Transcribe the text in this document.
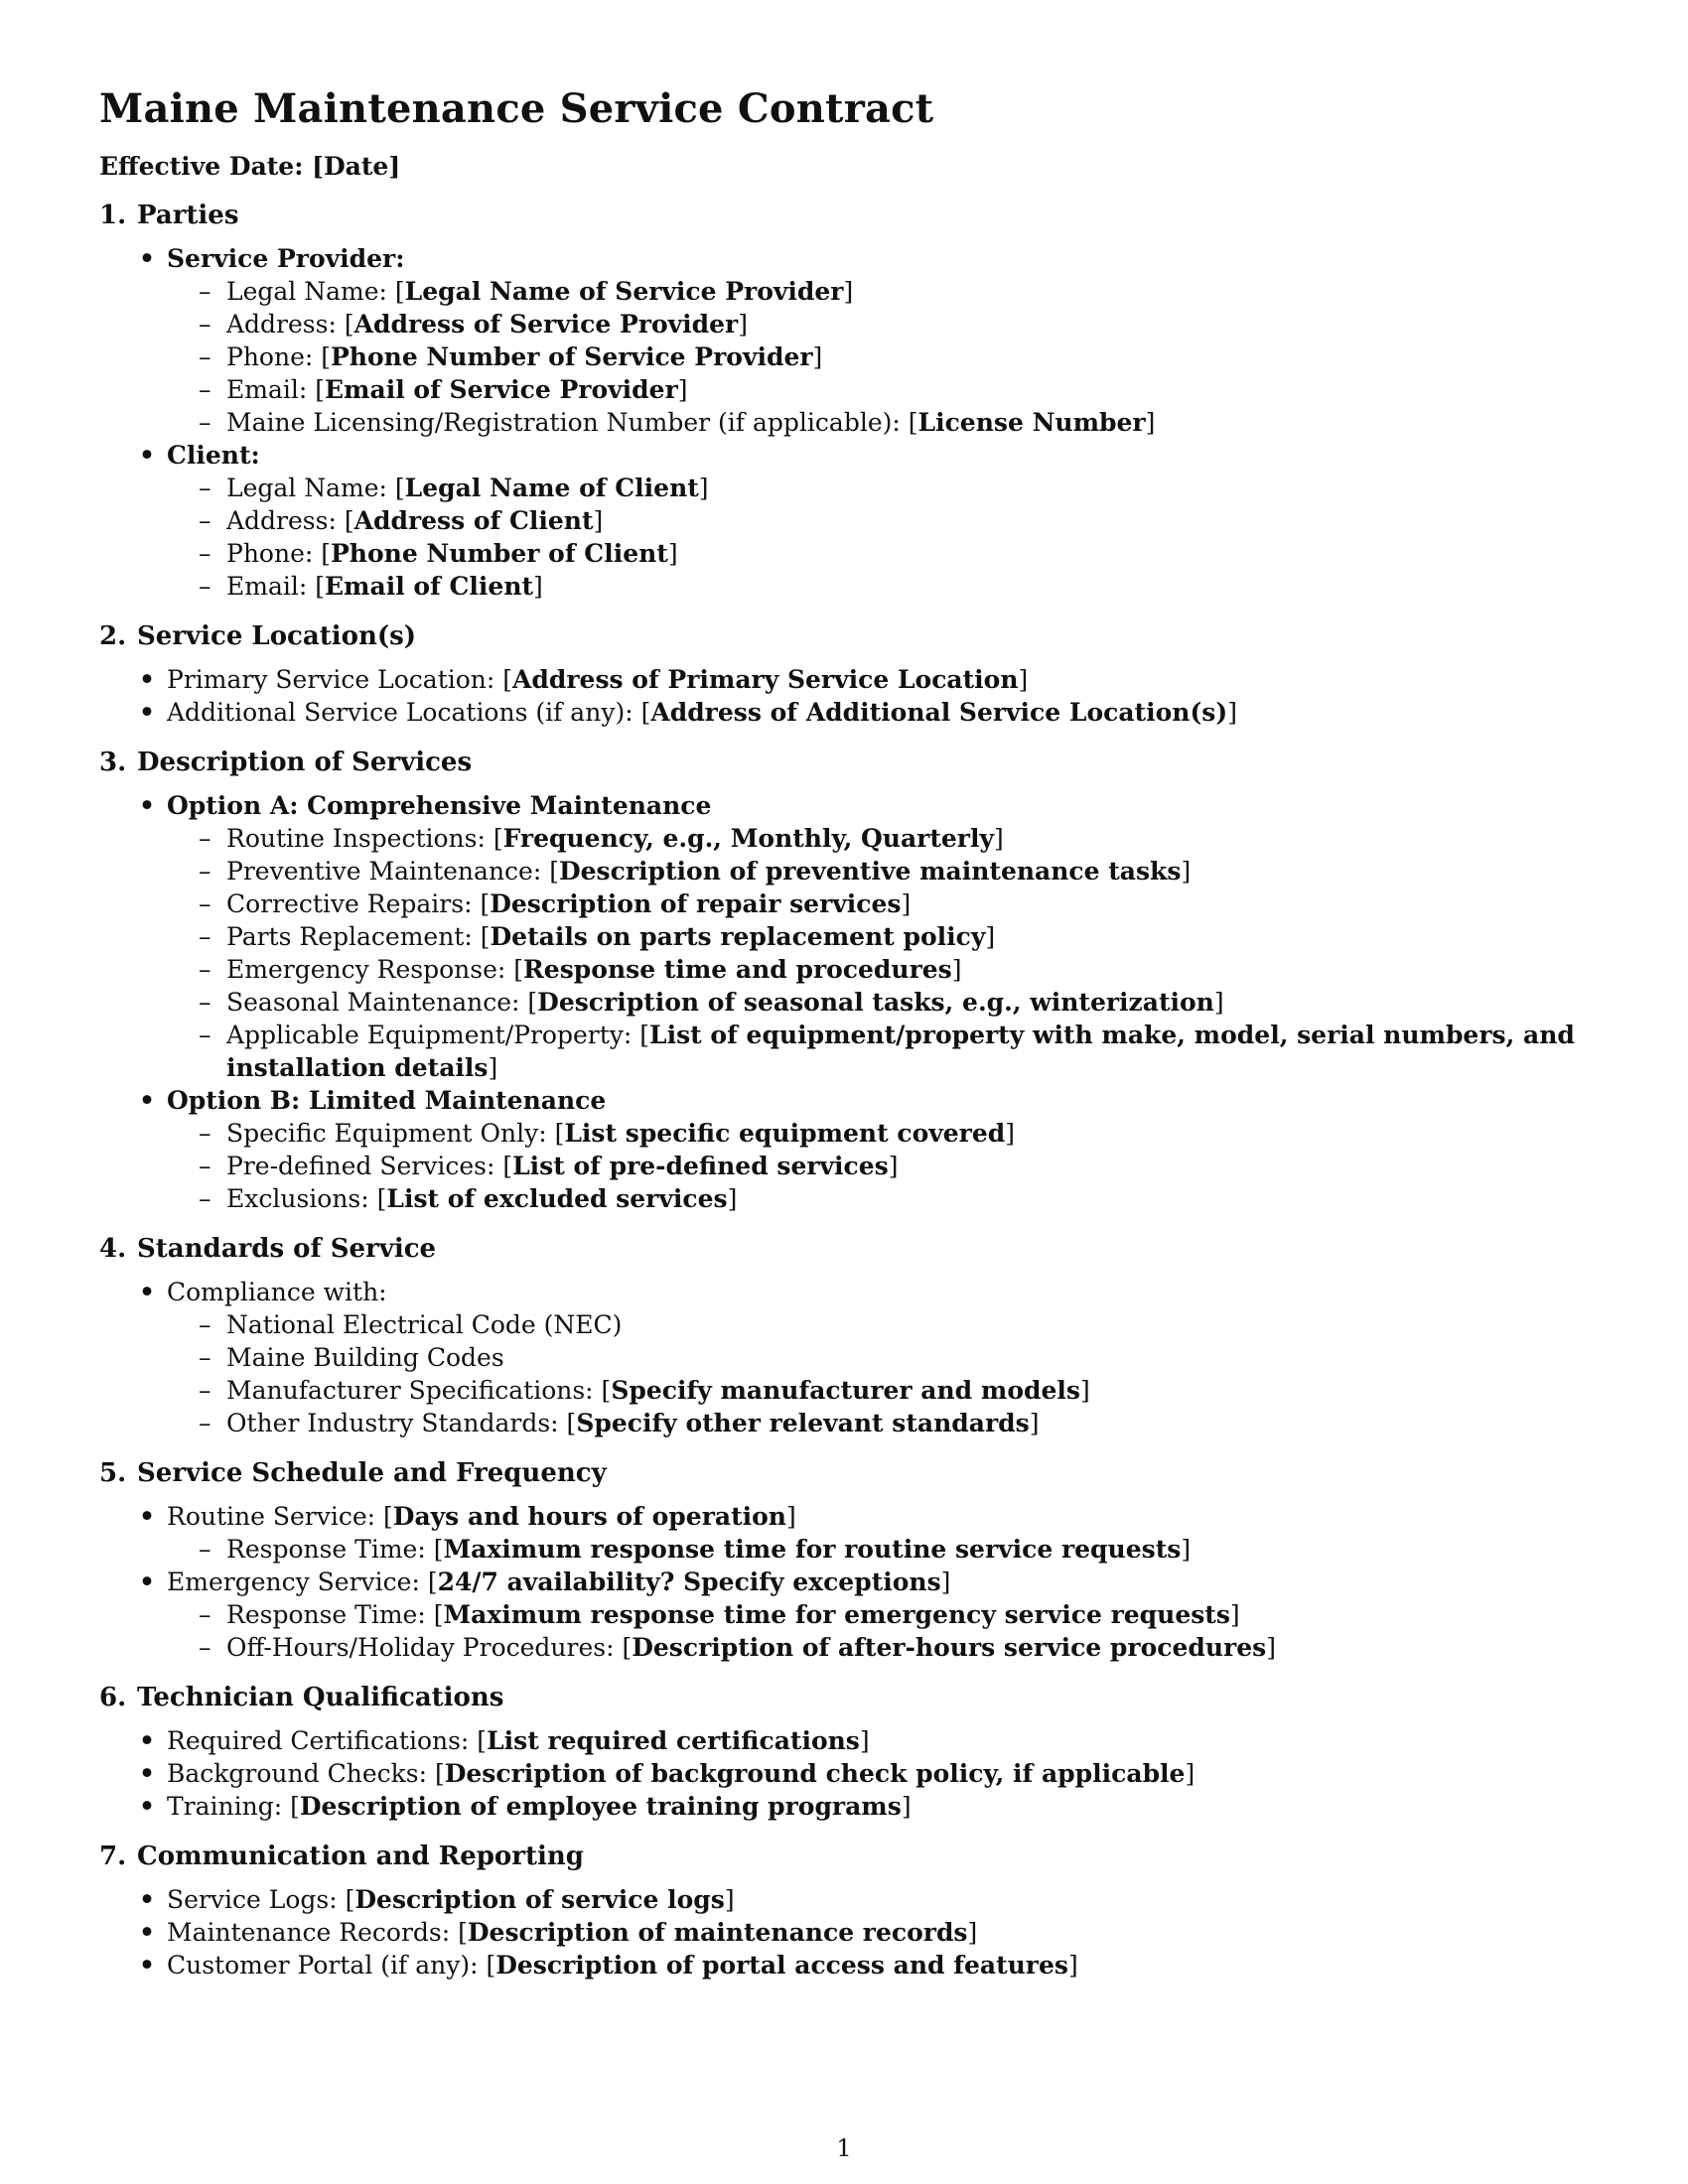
Maine Maintenance Service Contract
Effective Date: [Date]
1. Parties
• Service Provider:
– Legal Name: [Legal Name of Service Provider]
– Address: [Address of Service Provider]
– Phone: [Phone Number of Service Provider]
– Email: [Email of Service Provider]
– Maine Licensing/Registration Number (if applicable): [License Number]
• Client:
– Legal Name: [Legal Name of Client]
– Address: [Address of Client]
– Phone: [Phone Number of Client]
– Email: [Email of Client]
2. Service Location(s)
• Primary Service Location: [Address of Primary Service Location]
• Additional Service Locations (if any): [Address of Additional Service Location(s)]
3. Description of Services
• Option A: Comprehensive Maintenance
– Routine Inspections: [Frequency, e.g., Monthly, Quarterly]
– Preventive Maintenance: [Description of preventive maintenance tasks]
– Corrective Repairs: [Description of repair services]
– Parts Replacement: [Details on parts replacement policy]
– Emergency Response: [Response time and procedures]
– Seasonal Maintenance: [Description of seasonal tasks, e.g., winterization]
– Applicable Equipment/Property: [List of equipment/property with make, model, serial numbers, and installation details]
• Option B: Limited Maintenance
– Specific Equipment Only: [List specific equipment covered]
– Pre-defined Services: [List of pre-defined services]
– Exclusions: [List of excluded services]
4. Standards of Service
• Compliance with:
– National Electrical Code (NEC)
– Maine Building Codes
– Manufacturer Specifications: [Specify manufacturer and models]
– Other Industry Standards: [Specify other relevant standards]
5. Service Schedule and Frequency
• Routine Service: [Days and hours of operation]
– Response Time: [Maximum response time for routine service requests]
• Emergency Service: [24/7 availability? Specify exceptions]
– Response Time: [Maximum response time for emergency service requests]
– Off-Hours/Holiday Procedures: [Description of after-hours service procedures]
6. Technician Qualifications
• Required Certifications: [List required certifications]
• Background Checks: [Description of background check policy, if applicable]
• Training: [Description of employee training programs]
7. Communication and Reporting
• Service Logs: [Description of service logs]
• Maintenance Records: [Description of maintenance records]
• Customer Portal (if any): [Description of portal access and features]
1
